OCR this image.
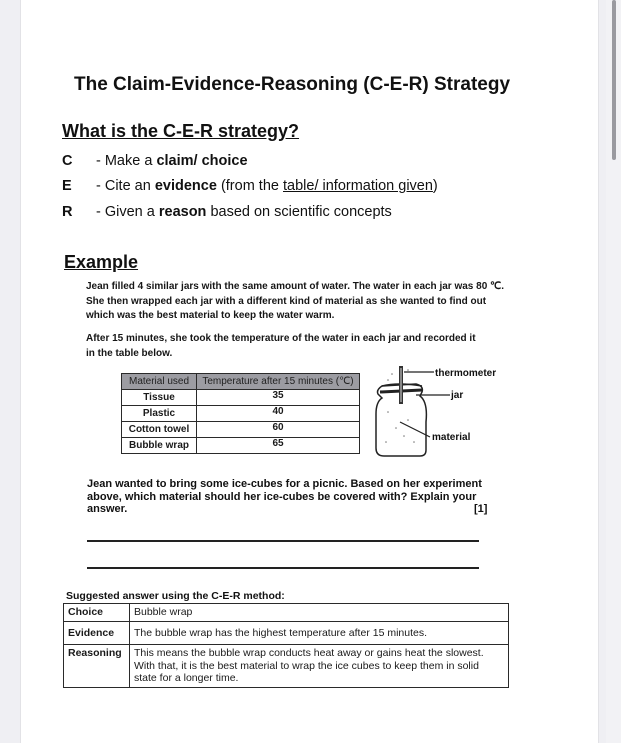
The Claim-Evidence-Reasoning (C-E-R) Strategy
What is the C-E-R strategy?
C - Make a claim/ choice
E - Cite an evidence (from the table/ information given)
R - Given a reason based on scientific concepts
Example
Jean filled 4 similar jars with the same amount of water. The water in each jar was 80 ℃. She then wrapped each jar with a different kind of material as she wanted to find out which was the best material to keep the water warm.
After 15 minutes, she took the temperature of the water in each jar and recorded it in the table below.
Material used	Temperature after 15 minutes (℃)
Tissue	35
Plastic	40
Cotton towel	60
Bubble wrap	65
thermometer
jar
material
Jean wanted to bring some ice-cubes for a picnic. Based on her experiment above, which material should her ice-cubes be covered with? Explain your answer.	[1]
Suggested answer using the C-E-R method:
Choice	Bubble wrap
Evidence	The bubble wrap has the highest temperature after 15 minutes.
Reasoning	This means the bubble wrap conducts heat away or gains heat the slowest. With that, it is the best material to wrap the ice cubes to keep them in solid state for a longer time.
